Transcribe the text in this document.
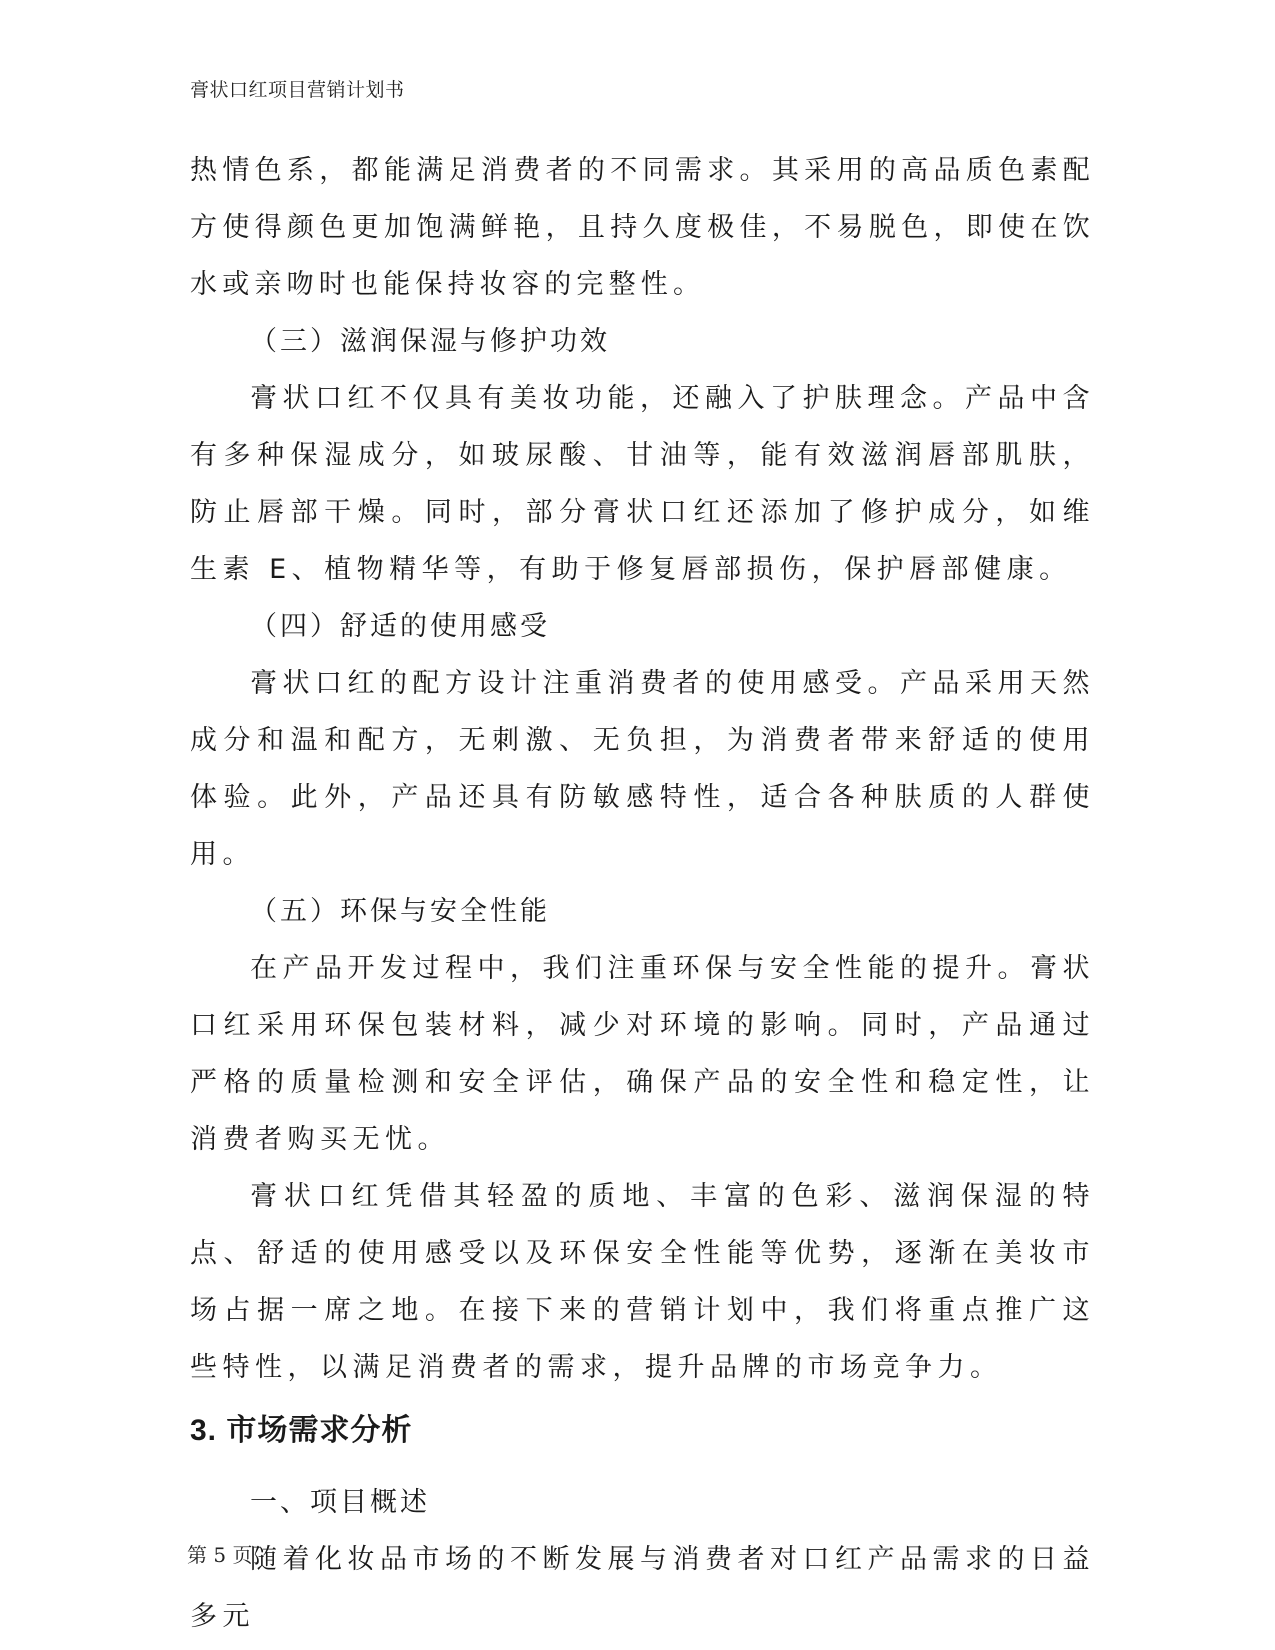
膏状口红项目营销计划书

热情色系，都能满足消费者的不同需求。其采用的高品质色素配方使得颜色更加饱满鲜艳，且持久度极佳，不易脱色，即使在饮水或亲吻时也能保持妆容的完整性。

（三）滋润保湿与修护功效

膏状口红不仅具有美妆功能，还融入了护肤理念。产品中含有多种保湿成分，如玻尿酸、甘油等，能有效滋润唇部肌肤，防止唇部干燥。同时，部分膏状口红还添加了修护成分，如维生素 E、植物精华等，有助于修复唇部损伤，保护唇部健康。

（四）舒适的使用感受

膏状口红的配方设计注重消费者的使用感受。产品采用天然成分和温和配方，无刺激、无负担，为消费者带来舒适的使用体验。此外，产品还具有防敏感特性，适合各种肤质的人群使用。

（五）环保与安全性能

在产品开发过程中，我们注重环保与安全性能的提升。膏状口红采用环保包装材料，减少对环境的影响。同时，产品通过严格的质量检测和安全评估，确保产品的安全性和稳定性，让消费者购买无忧。

膏状口红凭借其轻盈的质地、丰富的色彩、滋润保湿的特点、舒适的使用感受以及环保安全性能等优势，逐渐在美妆市场占据一席之地。在接下来的营销计划中，我们将重点推广这些特性，以满足消费者的需求，提升品牌的市场竞争力。

3. 市场需求分析

一、项目概述

随着化妆品市场的不断发展与消费者对口红产品需求的日益多元

第 5 页
